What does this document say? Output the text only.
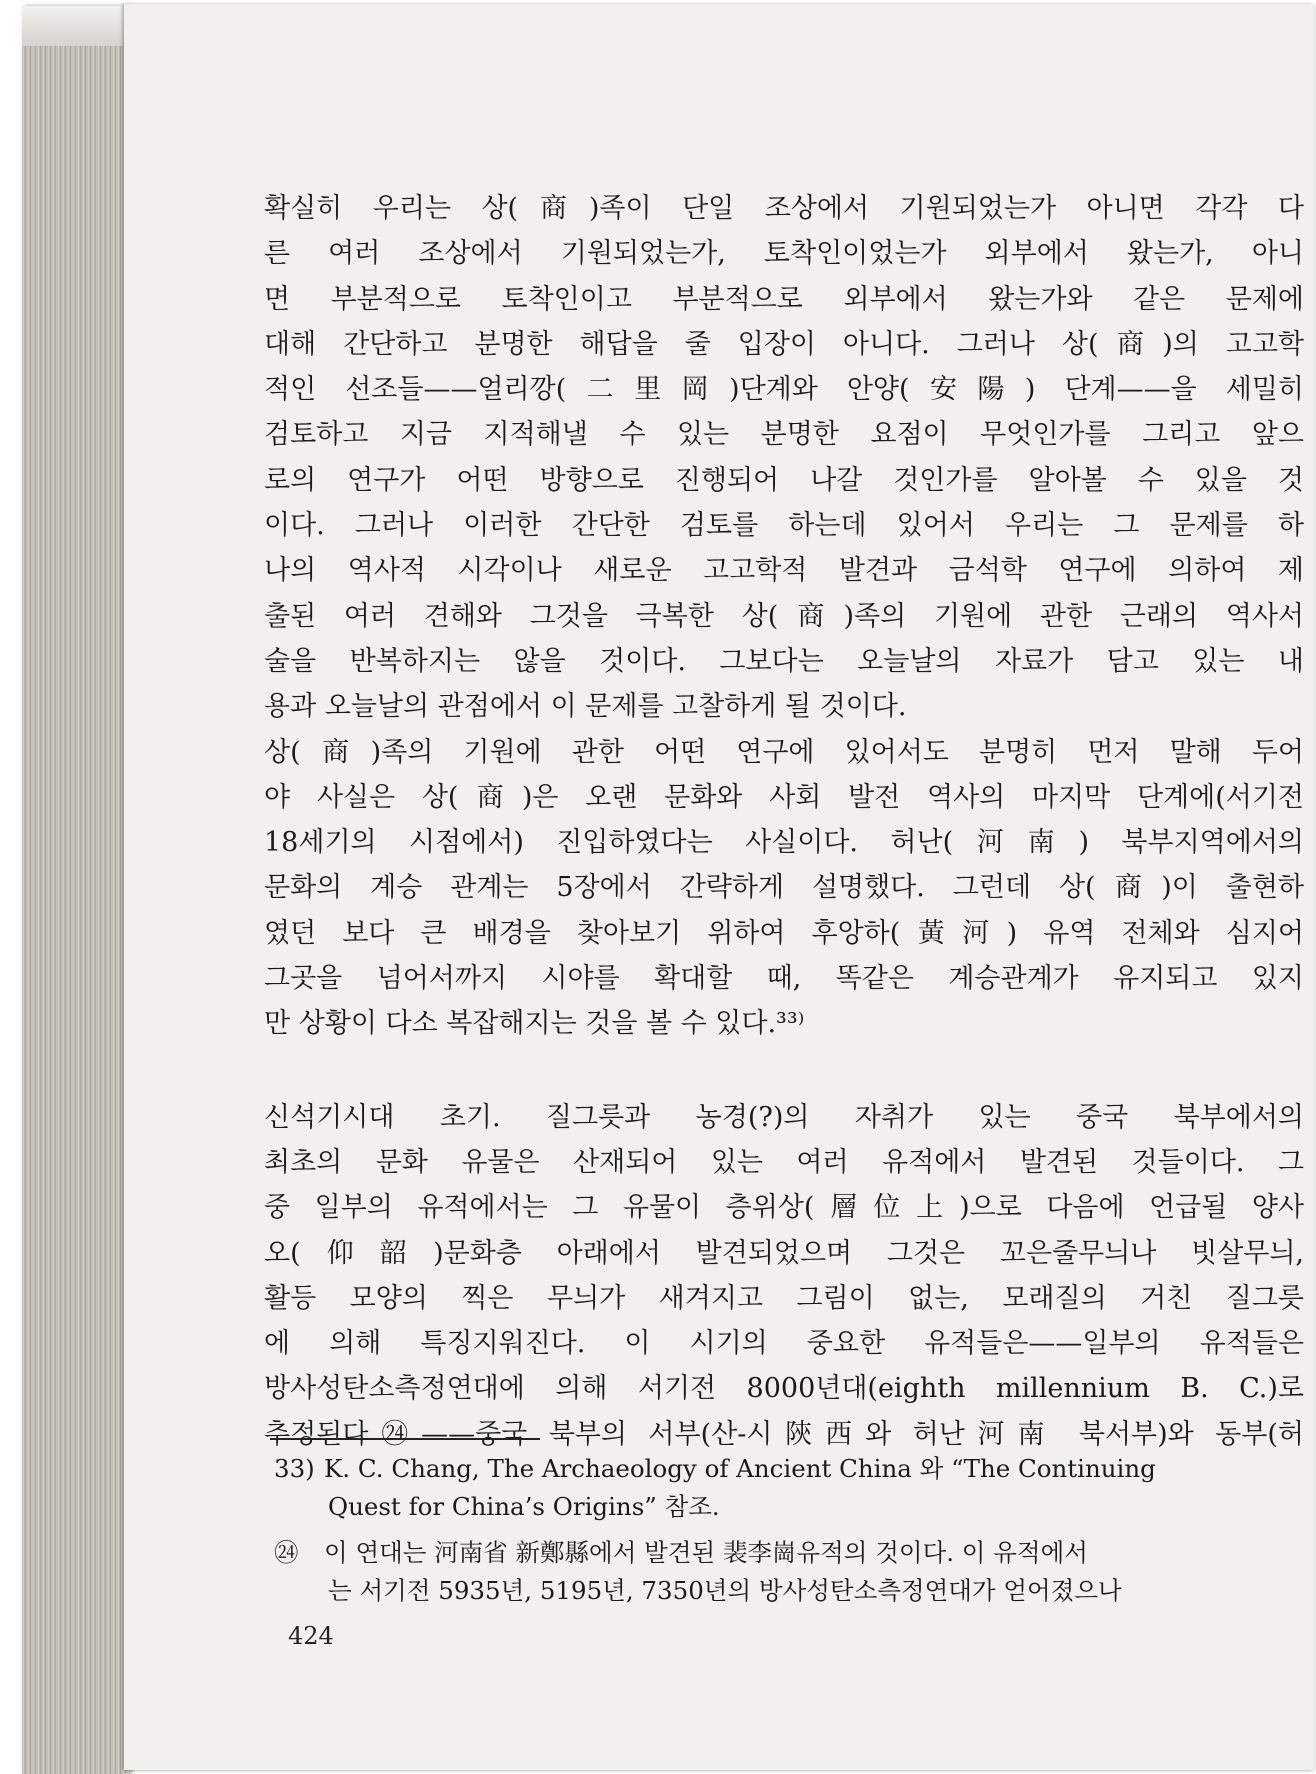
확실히 우리는 상(商)족이 단일 조상에서 기원되었는가 아니면 각각 다
른 여러 조상에서 기원되었는가, 토착인이었는가 외부에서 왔는가, 아니
면 부분적으로 토착인이고 부분적으로 외부에서 왔는가와 같은 문제에
대해 간단하고 분명한 해답을 줄 입장이 아니다. 그러나 상(商)의 고고학
적인 선조들——얼리깡(二里岡)단계와 안양(安陽) 단계——을 세밀히
검토하고 지금 지적해낼 수 있는 분명한 요점이 무엇인가를 그리고 앞으
로의 연구가 어떤 방향으로 진행되어 나갈 것인가를 알아볼 수 있을 것
이다. 그러나 이러한 간단한 검토를 하는데 있어서 우리는 그 문제를 하
나의 역사적 시각이나 새로운 고고학적 발견과 금석학 연구에 의하여 제
출된 여러 견해와 그것을 극복한 상(商)족의 기원에 관한 근래의 역사서
술을 반복하지는 않을 것이다. 그보다는 오늘날의 자료가 담고 있는 내
용과 오늘날의 관점에서 이 문제를 고찰하게 될 것이다.
상(商)족의 기원에 관한 어떤 연구에 있어서도 분명히 먼저 말해 두어
야 사실은 상(商)은 오랜 문화와 사회 발전 역사의 마지막 단계에(서기전
18세기의 시점에서) 진입하였다는 사실이다. 허난(河南) 북부지역에서의
문화의 계승 관계는 5장에서 간략하게 설명했다. 그런데 상(商)이 출현하
였던 보다 큰 배경을 찾아보기 위하여 후앙하(黃河) 유역 전체와 심지어
그곳을 넘어서까지 시야를 확대할 때, 똑같은 계승관계가 유지되고 있지
만 상황이 다소 복잡해지는 것을 볼 수 있다.³³⁾
신석기시대 초기. 질그릇과 농경(?)의 자취가 있는 중국 북부에서의
최초의 문화 유물은 산재되어 있는 여러 유적에서 발견된 것들이다. 그
중 일부의 유적에서는 그 유물이 층위상(層位上)으로 다음에 언급될 양사
오(仰韶)문화층 아래에서 발견되었으며 그것은 꼬은줄무늬나 빗살무늬,
활등 모양의 찍은 무늬가 새겨지고 그림이 없는, 모래질의 거친 질그릇
에 의해 특징지워진다. 이 시기의 중요한 유적들은——일부의 유적들은
방사성탄소측정연대에 의해 서기전 8000년대(eighth millennium B. C.)로
추정된다㉔——중국 북부의 서부(산-시陝西와 허난河南 북서부)와 동부(허
33) K. C. Chang, The Archaeology of Ancient China 와 “The Continuing
Quest for China’s Origins” 참조.
㉔ 이 연대는 河南省 新鄭縣에서 발견된 裴李崗유적의 것이다. 이 유적에서
는 서기전 5935년, 5195년, 7350년의 방사성탄소측정연대가 얻어졌으나
424
